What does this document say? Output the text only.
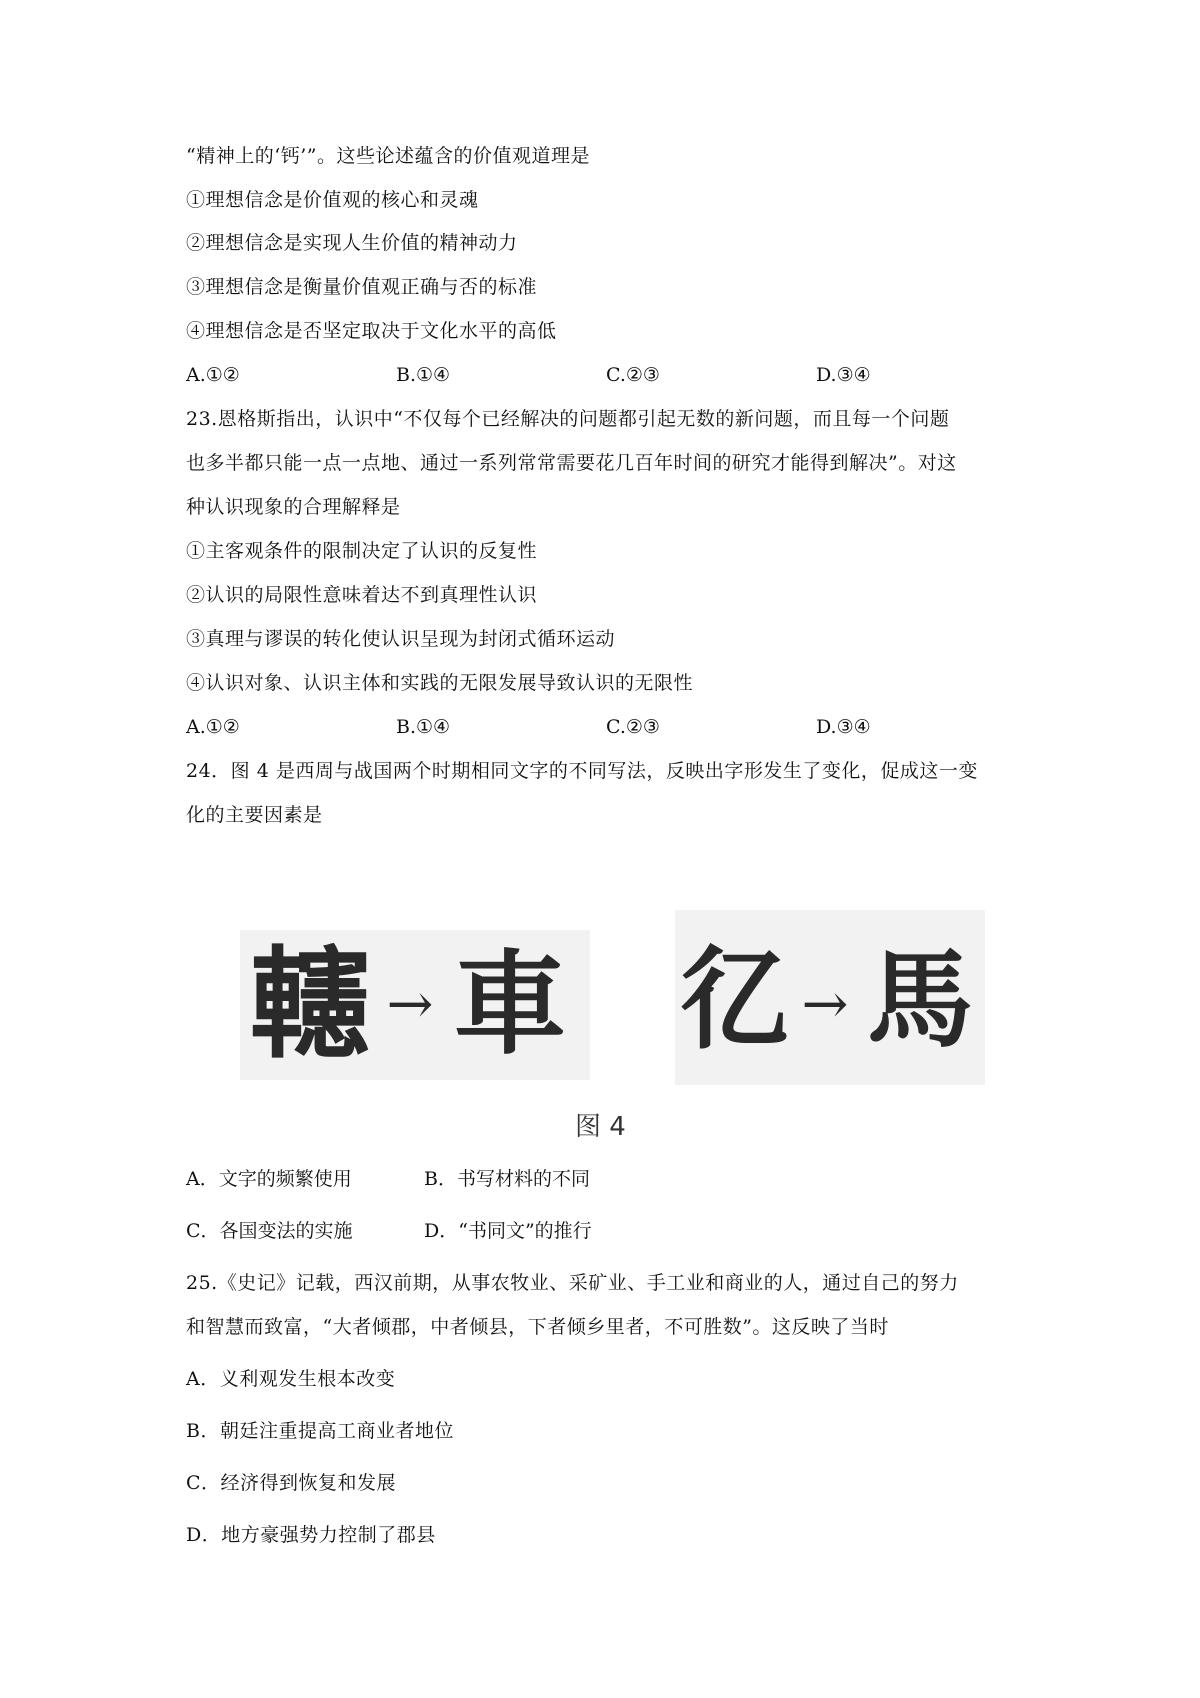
“精神上的‘钙’”。这些论述蕴含的价值观道理是
①理想信念是价值观的核心和灵魂
②理想信念是实现人生价值的精神动力
③理想信念是衡量价值观正确与否的标准
④理想信念是否坚定取决于文化水平的高低
A.①②	B.①④	C.②③	D.③④
23.恩格斯指出，认识中“不仅每个已经解决的问题都引起无数的新问题，而且每一个问题
也多半都只能一点一点地、通过一系列常常需要花几百年时间的研究才能得到解决”。对这
种认识现象的合理解释是
①主客观条件的限制决定了认识的反复性
②认识的局限性意味着达不到真理性认识
③真理与谬误的转化使认识呈现为封闭式循环运动
④认识对象、认识主体和实践的无限发展导致认识的无限性
A.①②	B.①④	C.②③	D.③④
24．图 4 是西周与战国两个时期相同文字的不同写法，反映出字形发生了变化，促成这一变
化的主要因素是
𨏥 → 車 𢒼 → 馬
图 4
A．文字的频繁使用	B．书写材料的不同
C．各国变法的实施	D．“书同文”的推行
25.《史记》记载，西汉前期，从事农牧业、采矿业、手工业和商业的人，通过自己的努力
和智慧而致富，“大者倾郡，中者倾县，下者倾乡里者，不可胜数”。这反映了当时
A．义利观发生根本改变
B．朝廷注重提高工商业者地位
C．经济得到恢复和发展
D．地方豪强势力控制了郡县
